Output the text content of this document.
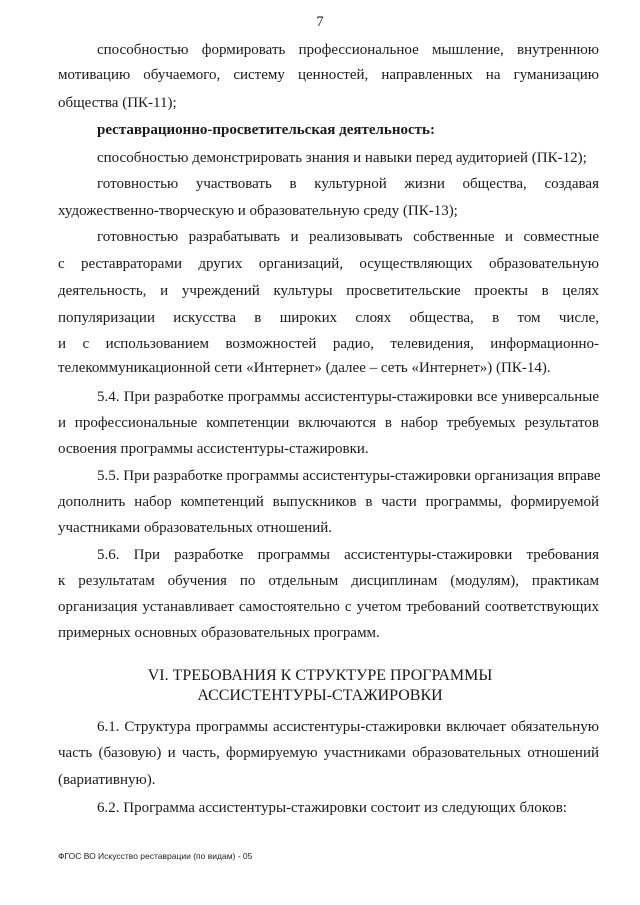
7
способностью формировать профессиональное мышление, внутреннюю
мотивацию обучаемого, систему ценностей, направленных на гуманизацию
общества (ПК-11);
реставрационно-просветительская деятельность:
способностью демонстрировать знания и навыки перед аудиторией (ПК-12);
готовностью участвовать в культурной жизни общества, создавая
художественно-творческую и образовательную среду (ПК-13);
готовностью разрабатывать и реализовывать собственные и совместные
с реставраторами других организаций, осуществляющих образовательную
деятельность, и учреждений культуры просветительские проекты в целях
популяризации искусства в широких слоях общества, в том числе,
и с использованием возможностей радио, телевидения, информационно-
телекоммуникационной сети «Интернет» (далее – сеть «Интернет») (ПК-14).
5.4. При разработке программы ассистентуры-стажировки все универсальные
и профессиональные компетенции включаются в набор требуемых результатов
освоения программы ассистентуры-стажировки.
5.5. При разработке программы ассистентуры-стажировки организация вправе
дополнить набор компетенций выпускников в части программы, формируемой
участниками образовательных отношений.
5.6. При разработке программы ассистентуры-стажировки требования
к результатам обучения по отдельным дисциплинам (модулям), практикам
организация устанавливает самостоятельно с учетом требований соответствующих
примерных основных образовательных программ.
VI. ТРЕБОВАНИЯ К СТРУКТУРЕ ПРОГРАММЫ
АССИСТЕНТУРЫ-СТАЖИРОВКИ
6.1. Структура программы ассистентуры-стажировки включает обязательную
часть (базовую) и часть, формируемую участниками образовательных отношений
(вариативную).
6.2. Программа ассистентуры-стажировки состоит из следующих блоков:
ФГОС ВО Искусство реставрации (по видам) - 05
